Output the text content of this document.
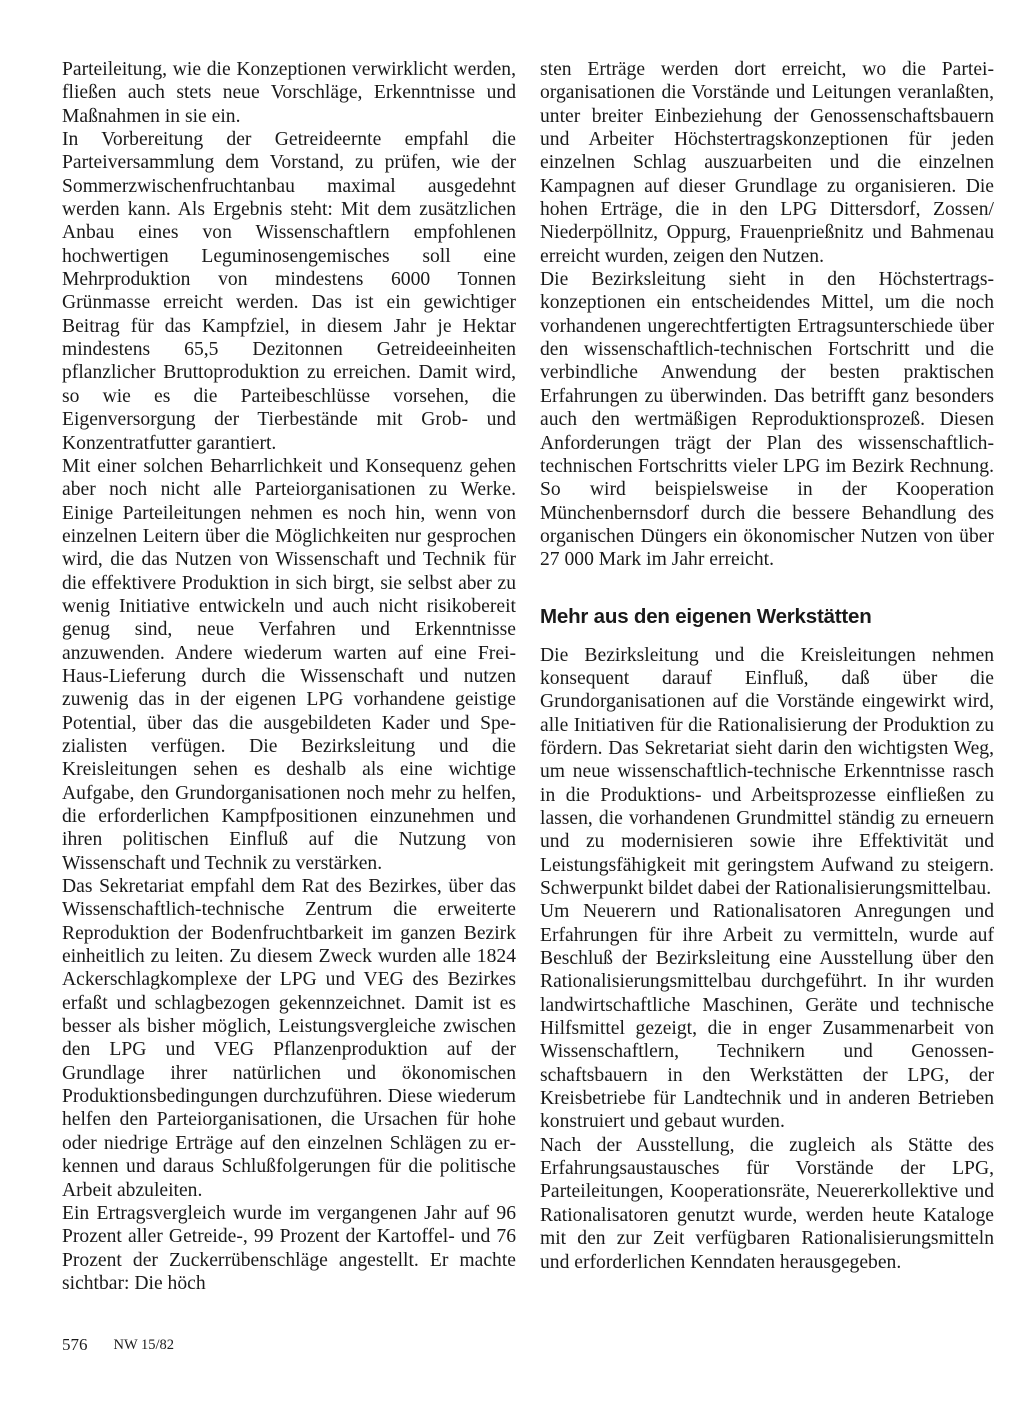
Parteileitung, wie die Konzeptionen verwirklicht werden, fließen auch stets neue Vorschläge, Erkenntnisse und Maßnahmen in sie ein.

In Vorbereitung der Getreideernte empfahl die Parteiversammlung dem Vorstand, zu prüfen, wie der Sommerzwischenfruchtanbau maximal ausgedehnt werden kann. Als Ergebnis steht: Mit dem zusätzlichen Anbau eines von Wissenschaftlern empfohlenen hochwertigen Leguminosengemisches soll eine Mehrproduktion von mindestens 6000 Tonnen Grünmasse erreicht werden. Das ist ein gewichtiger Beitrag für das Kampfziel, in diesem Jahr je Hektar mindestens 65,5 Dezitonnen Getreideeinheiten pflanzlicher Bruttoproduktion zu erreichen. Damit wird, so wie es die Parteibeschlüsse vorsehen, die Eigenversorgung der Tierbestände mit Grob- und Konzentratfutter garantiert.

Mit einer solchen Beharrlichkeit und Konsequenz gehen aber noch nicht alle Parteiorganisationen zu Werke. Einige Parteileitungen nehmen es noch hin, wenn von einzelnen Leitern über die Möglichkeiten nur gesprochen wird, die das Nutzen von Wissenschaft und Technik für die effektivere Produktion in sich birgt, sie selbst aber zu wenig Initiative entwickeln und auch nicht risikobereit genug sind, neue Verfahren und Erkenntnisse anzuwenden. Andere wiederum warten auf eine Frei-Haus-Lieferung durch die Wissenschaft und nutzen zuwenig das in der eigenen LPG vorhandene geistige Potential, über das die ausgebildeten Kader und Spezialisten verfügen. Die Bezirksleitung und die Kreisleitungen sehen es deshalb als eine wichtige Aufgabe, den Grundorganisationen noch mehr zu helfen, die erforderlichen Kampfpositionen einzunehmen und ihren politischen Einfluß auf die Nutzung von Wissenschaft und Technik zu verstärken.

Das Sekretariat empfahl dem Rat des Bezirkes, über das Wissenschaftlich-technische Zentrum die erweiterte Reproduktion der Bodenfruchtbarkeit im ganzen Bezirk einheitlich zu leiten. Zu diesem Zweck wurden alle 1824 Ackerschlagkomplexe der LPG und VEG des Bezirkes erfaßt und schlagbezogen gekennzeichnet. Damit ist es besser als bisher möglich, Leistungsvergleiche zwischen den LPG und VEG Pflanzenproduktion auf der Grundlage ihrer natürlichen und ökonomischen Produktionsbedingungen durchzuführen. Diese wiederum helfen den Parteiorganisationen, die Ursachen für hohe oder niedrige Erträge auf den einzelnen Schlägen zu erkennen und daraus Schlußfolgerungen für die politische Arbeit abzuleiten.

Ein Ertragsvergleich wurde im vergangenen Jahr auf 96 Prozent aller Getreide-, 99 Prozent der Kartoffel- und 76 Prozent der Zuckerrübenschläge angestellt. Er machte sichtbar: Die höch

sten Erträge werden dort erreicht, wo die Parteiorganisationen die Vorstände und Leitungen veranlaßten, unter breiter Einbeziehung der Genossenschaftsbauern und Arbeiter Höchstertragskonzeptionen für jeden einzelnen Schlag auszuarbeiten und die einzelnen Kampagnen auf dieser Grundlage zu organisieren. Die hohen Erträge, die in den LPG Dittersdorf, Zossen/ Niederpöllnitz, Oppurg, Frauenprießnitz und Bahmenau erreicht wurden, zeigen den Nutzen.

Die Bezirksleitung sieht in den Höchstertragskonzeptionen ein entscheidendes Mittel, um die noch vorhandenen ungerechtfertigten Ertragsunterschiede über den wissenschaftlich-technischen Fortschritt und die verbindliche Anwendung der besten praktischen Erfahrungen zu überwinden. Das betrifft ganz besonders auch den wertmäßigen Reproduktionsprozeß. Diesen Anforderungen trägt der Plan des wissenschaftlich-technischen Fortschritts vieler LPG im Bezirk Rechnung. So wird beispielsweise in der Kooperation Münchenbernsdorf durch die bessere Behandlung des organischen Düngers ein ökonomischer Nutzen von über 27 000 Mark im Jahr erreicht.

Mehr aus den eigenen Werkstätten

Die Bezirksleitung und die Kreisleitungen nehmen konsequent darauf Einfluß, daß über die Grundorganisationen auf die Vorstände eingewirkt wird, alle Initiativen für die Rationalisierung der Produktion zu fördern. Das Sekretariat sieht darin den wichtigsten Weg, um neue wissenschaftlich-technische Erkenntnisse rasch in die Produktions- und Arbeitsprozesse einfließen zu lassen, die vorhandenen Grundmittel ständig zu erneuern und zu modernisieren sowie ihre Effektivität und Leistungsfähigkeit mit geringstem Aufwand zu steigern. Schwerpunkt bildet dabei der Rationalisierungsmittelbau.

Um Neuerern und Rationalisatoren Anregungen und Erfahrungen für ihre Arbeit zu vermitteln, wurde auf Beschluß der Bezirksleitung eine Ausstellung über den Rationalisierungsmittelbau durchgeführt. In ihr wurden landwirtschaftliche Maschinen, Geräte und technische Hilfsmittel gezeigt, die in enger Zusammenarbeit von Wissenschaftlern, Technikern und Genossenschaftsbauern in den Werkstätten der LPG, der Kreisbetriebe für Landtechnik und in anderen Betrieben konstruiert und gebaut wurden.

Nach der Ausstellung, die zugleich als Stätte des Erfahrungsaustausches für Vorstände der LPG, Parteileitungen, Kooperationsräte, Neuererkollektive und Rationalisatoren genutzt wurde, werden heute Kataloge mit den zur Zeit verfügbaren Rationalisierungsmitteln und erforderlichen Kenndaten herausgegeben.

576 NW 15/82
